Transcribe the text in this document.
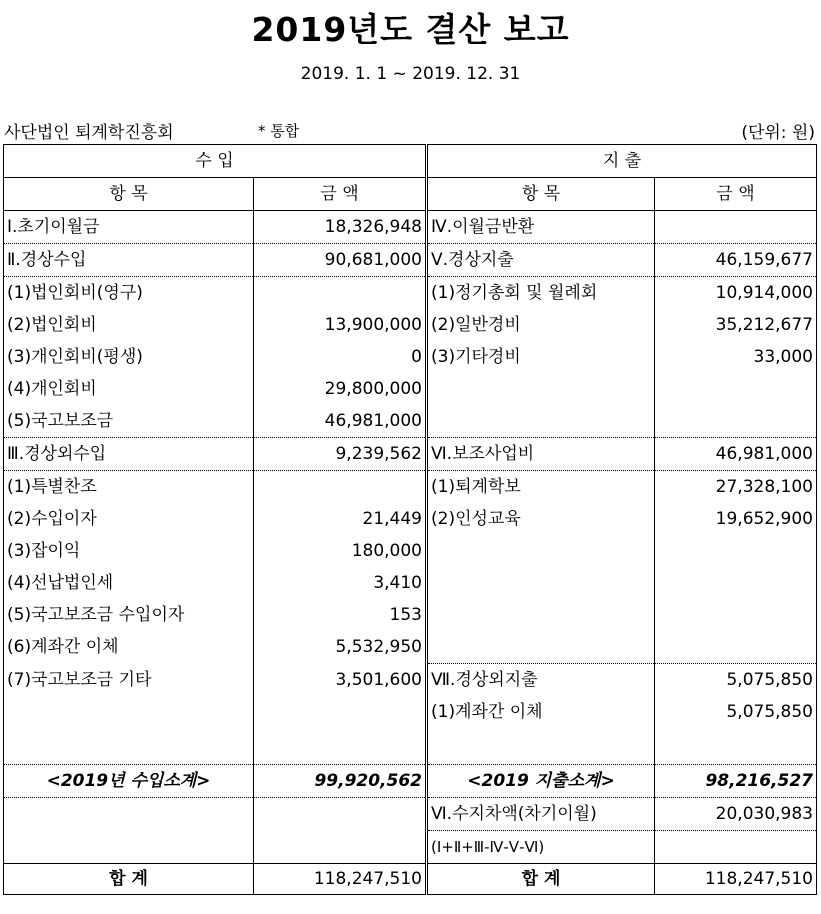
2019년도 결산 보고
2019. 1. 1 ~ 2019. 12. 31
사단법인 퇴계학진흥회	* 통합	(단위: 원)
수 입		지 출	
항 목	금 액	항 목	금 액
Ⅰ.초기이월금	18,326,948	Ⅳ.이월금반환	
Ⅱ.경상수입	90,681,000	Ⅴ.경상지출	46,159,677
(1)법인회비(영구)		(1)정기총회 및 월례회	10,914,000
(2)법인회비	13,900,000	(2)일반경비	35,212,677
(3)개인회비(평생)	0	(3)기타경비	33,000
(4)개인회비	29,800,000		
(5)국고보조금	46,981,000		
Ⅲ.경상외수입	9,239,562	Ⅵ.보조사업비	46,981,000
(1)특별찬조		(1)퇴계학보	27,328,100
(2)수입이자	21,449	(2)인성교육	19,652,900
(3)잡이익	180,000		
(4)선납법인세	3,410		
(5)국고보조금 수입이자	153		
(6)계좌간 이체	5,532,950		
(7)국고보조금 기타	3,501,600	Ⅶ.경상외지출	5,075,850
		(1)계좌간 이체	5,075,850

<2019년 수입소계>	99,920,562	<2019 지출소계>	98,216,527
		Ⅵ.수지차액(차기이월)	20,030,983
		(Ⅰ+Ⅱ+Ⅲ-Ⅳ-Ⅴ-Ⅵ)	
합 계	118,247,510	합 계	118,247,510
